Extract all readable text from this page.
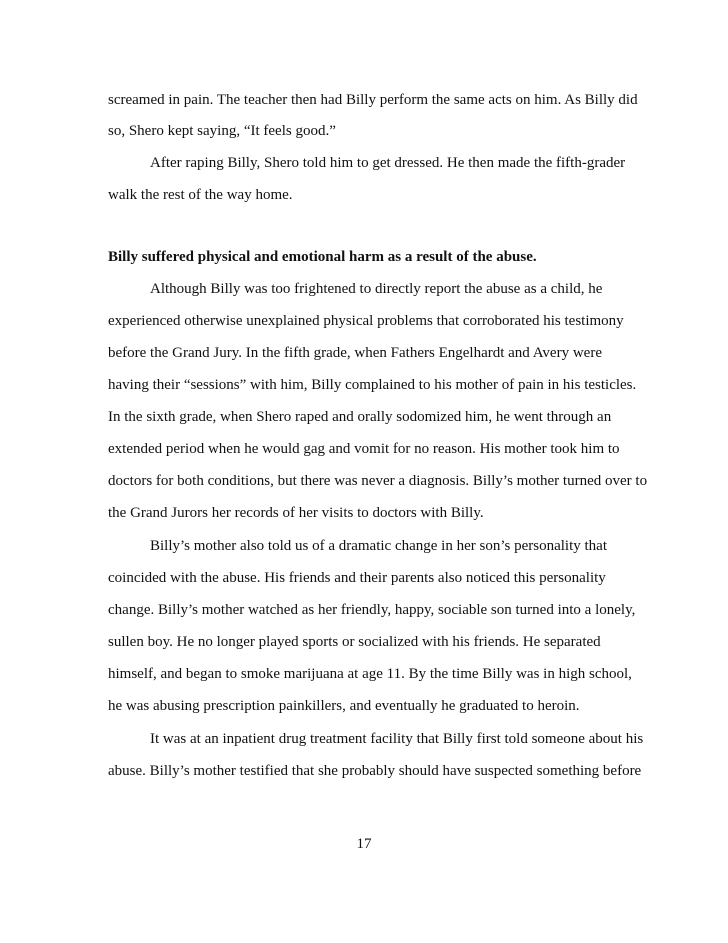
screamed in pain. The teacher then had Billy perform the same acts on him. As Billy did
so, Shero kept saying, “It feels good.”
After raping Billy, Shero told him to get dressed. He then made the fifth-grader
walk the rest of the way home.
Billy suffered physical and emotional harm as a result of the abuse.
Although Billy was too frightened to directly report the abuse as a child, he
experienced otherwise unexplained physical problems that corroborated his testimony
before the Grand Jury. In the fifth grade, when Fathers Engelhardt and Avery were
having their “sessions” with him, Billy complained to his mother of pain in his testicles.
In the sixth grade, when Shero raped and orally sodomized him, he went through an
extended period when he would gag and vomit for no reason. His mother took him to
doctors for both conditions, but there was never a diagnosis. Billy’s mother turned over to
the Grand Jurors her records of her visits to doctors with Billy.
Billy’s mother also told us of a dramatic change in her son’s personality that
coincided with the abuse. His friends and their parents also noticed this personality
change. Billy’s mother watched as her friendly, happy, sociable son turned into a lonely,
sullen boy. He no longer played sports or socialized with his friends. He separated
himself, and began to smoke marijuana at age 11. By the time Billy was in high school,
he was abusing prescription painkillers, and eventually he graduated to heroin.
It was at an inpatient drug treatment facility that Billy first told someone about his
abuse. Billy’s mother testified that she probably should have suspected something before
17
